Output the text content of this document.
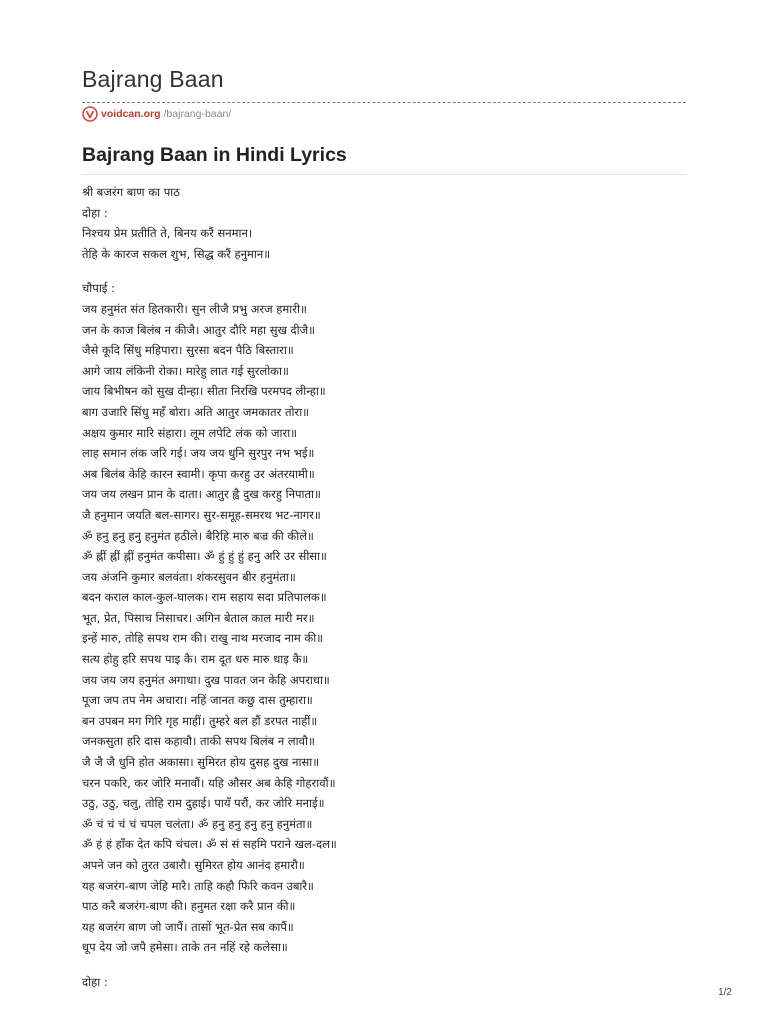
Bajrang Baan
voidcan.org /bajrang-baan/
Bajrang Baan in Hindi Lyrics
श्री बजरंग बाण का पाठ
दोहा :
निश्चय प्रेम प्रतीति ते, बिनय करैं सनमान।
तेहि के कारज सकल शुभ, सिद्ध करैं हनुमान॥
चौपाई :
जय हनुमंत संत हितकारी। सुन लीजै प्रभु अरज हमारी॥
जन के काज बिलंब न कीजै। आतुर दौरि महा सुख दीजै॥
जैसे कूदि सिंधु महिपारा। सुरसा बदन पैठि बिस्तारा॥
आगे जाय लंकिनी रोका। मारेहु लात गई सुरलोका॥
जाय बिभीषन को सुख दीन्हा। सीता निरखि परमपद लीन्हा॥
बाग उजारि सिंधु महँ बोरा। अति आतुर जमकातर तोरा॥
अक्षय कुमार मारि संहारा। लूम लपेटि लंक को जारा॥
लाह समान लंक जरि गई। जय जय धुनि सुरपुर नभ भई॥
अब बिलंब केहि कारन स्वामी। कृपा करहु उर अंतरयामी॥
जय जय लखन प्रान के दाता। आतुर ह्वै दुख करहु निपाता॥
जै हनुमान जयति बल-सागर। सुर-समूह-समरथ भट-नागर॥
ॐ हनु हनु हनु हनुमंत हठीले। बैरिहि मारु बज्र की कीले॥
ॐ ह्नीं ह्नीं ह्नीं हनुमंत कपीसा। ॐ हुं हुं हुं हनु अरि उर सीसा॥
जय अंजनि कुमार बलवंता। शंकरसुवन बीर हनुमंता॥
बदन कराल काल-कुल-घालक। राम सहाय सदा प्रतिपालक॥
भूत, प्रेत, पिसाच निसाचर। अगिन बेताल काल मारी मर॥
इन्हें मारु, तोहि सपथ राम की। राखु नाथ मरजाद नाम की॥
सत्य होहु हरि सपथ पाइ कै। राम दूत धरु मारु धाइ कै॥
जय जय जय हनुमंत अगाधा। दुख पावत जन केहि अपराधा॥
पूजा जप तप नेम अचारा। नहिं जानत कछु दास तुम्हारा॥
बन उपबन मग गिरि गृह माहीं। तुम्हरे बल हौं डरपत नाहीं॥
जनकसुता हरि दास कहावौ। ताकी सपथ बिलंब न लावौ॥
जै जै जै धुनि होत अकासा। सुमिरत होय दुसह दुख नासा॥
चरन पकरि, कर जोरि मनावौं। यहि औसर अब केहि गोहरावौं॥
उठु, उठु, चलु, तोहि राम दुहाई। पायँ परौं, कर जोरि मनाई॥
ॐ चं चं चं चं चपल चलंता। ॐ हनु हनु हनु हनु हनुमंता॥
ॐ हं हं हाँक देत कपि चंचल। ॐ सं सं सहमि पराने खल-दल॥
अपने जन को तुरत उबारौ। सुमिरत होय आनंद हमारौ॥
यह बजरंग-बाण जेहि मारै। ताहि कहौ फिरि कवन उबारै॥
पाठ करै बजरंग-बाण की। हनुमत रक्षा करै प्रान की॥
यह बजरंग बाण जो जापैं। तासों भूत-प्रेत सब कापैं॥
धूप देय जो जपै हमेसा। ताके तन नहिं रहे कलेसा॥
दोहा :
1/2
